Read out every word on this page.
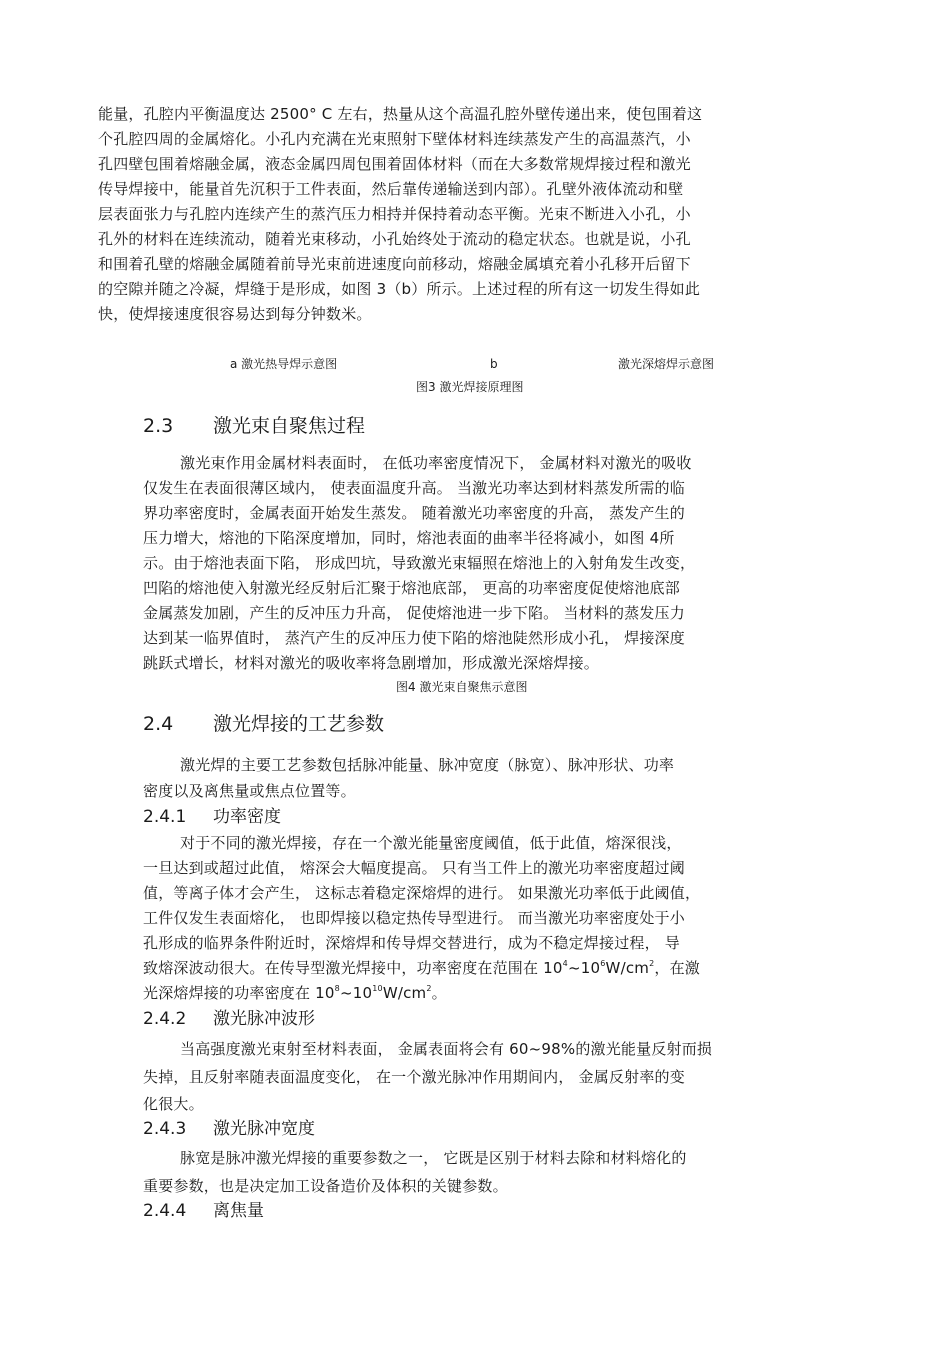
能量，孔腔内平衡温度达 2500° C 左右，热量从这个高温孔腔外壁传递出来，使包围着这
个孔腔四周的金属熔化。小孔内充满在光束照射下壁体材料连续蒸发产生的高温蒸汽，小
孔四壁包围着熔融金属，液态金属四周包围着固体材料（而在大多数常规焊接过程和激光
传导焊接中，能量首先沉积于工件表面，然后靠传递输送到内部）。孔壁外液体流动和壁
层表面张力与孔腔内连续产生的蒸汽压力相持并保持着动态平衡。光束不断进入小孔，小
孔外的材料在连续流动，随着光束移动，小孔始终处于流动的稳定状态。也就是说，小孔
和围着孔壁的熔融金属随着前导光束前进速度向前移动，熔融金属填充着小孔移开后留下
的空隙并随之冷凝，焊缝于是形成，如图 3（b）所示。上述过程的所有这一切发生得如此
快，使焊接速度很容易达到每分钟数米。
a 激光热导焊示意图	b	激光深熔焊示意图
图3 激光焊接原理图
2.3 激光束自聚焦过程
激光束作用金属材料表面时， 在低功率密度情况下， 金属材料对激光的吸收
仅发生在表面很薄区域内， 使表面温度升高。 当激光功率达到材料蒸发所需的临
界功率密度时，金属表面开始发生蒸发。 随着激光功率密度的升高， 蒸发产生的
压力增大，熔池的下陷深度增加，同时，熔池表面的曲率半径将减小，如图 4所
示。由于熔池表面下陷， 形成凹坑，导致激光束辐照在熔池上的入射角发生改变，
凹陷的熔池使入射激光经反射后汇聚于熔池底部， 更高的功率密度促使熔池底部
金属蒸发加剧，产生的反冲压力升高， 促使熔池进一步下陷。 当材料的蒸发压力
达到某一临界值时， 蒸汽产生的反冲压力使下陷的熔池陡然形成小孔， 焊接深度
跳跃式增长，材料对激光的吸收率将急剧增加，形成激光深熔焊接。
图4 激光束自聚焦示意图
2.4 激光焊接的工艺参数
激光焊的主要工艺参数包括脉冲能量、脉冲宽度（脉宽）、脉冲形状、功率
密度以及离焦量或焦点位置等。
2.4.1 功率密度
对于不同的激光焊接，存在一个激光能量密度阈值，低于此值，熔深很浅，
一旦达到或超过此值， 熔深会大幅度提高。 只有当工件上的激光功率密度超过阈
值，等离子体才会产生， 这标志着稳定深熔焊的进行。 如果激光功率低于此阈值，
工件仅发生表面熔化， 也即焊接以稳定热传导型进行。 而当激光功率密度处于小
孔形成的临界条件附近时，深熔焊和传导焊交替进行，成为不稳定焊接过程， 导
致熔深波动很大。在传导型激光焊接中，功率密度在范围在 $10^4\sim 10^6W/cm^2$，在激
光深熔焊接的功率密度在 $10^8\sim 10^{10}W/cm^2$。
2.4.2 激光脉冲波形
当高强度激光束射至材料表面， 金属表面将会有 60~98%的激光能量反射而损
失掉，且反射率随表面温度变化， 在一个激光脉冲作用期间内， 金属反射率的变
化很大。
2.4.3 激光脉冲宽度
脉宽是脉冲激光焊接的重要参数之一， 它既是区别于材料去除和材料熔化的
重要参数，也是决定加工设备造价及体积的关键参数。
2.4.4 离焦量
